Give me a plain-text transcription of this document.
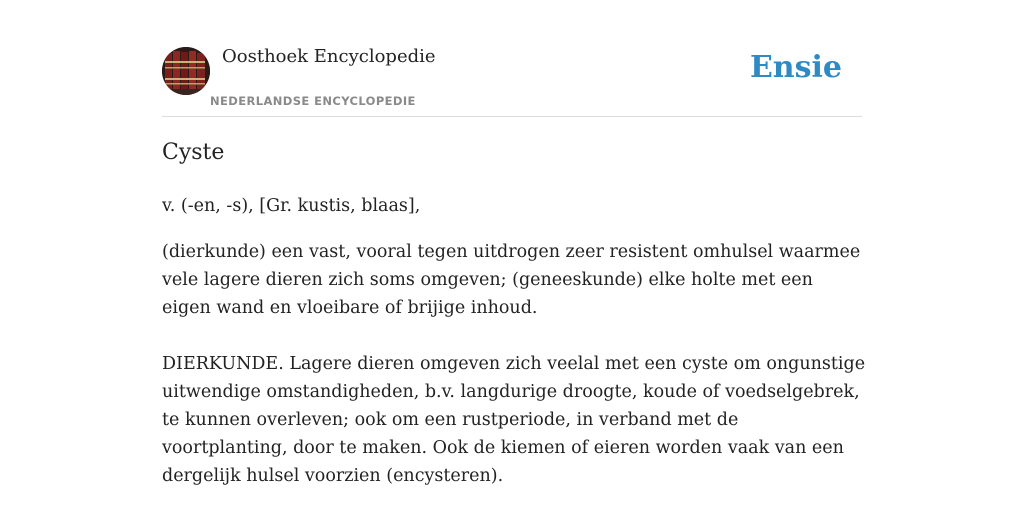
Oosthoek Encyclopedie
NEDERLANDSE ENCYCLOPEDIE
Ensie
Cyste

v. (-en, -s), [Gr. kustis, blaas],

(dierkunde) een vast, vooral tegen uitdrogen zeer resistent omhulsel waarmee vele lagere dieren zich soms omgeven; (geneeskunde) elke holte met een eigen wand en vloeibare of brijige inhoud.

DIERKUNDE. Lagere dieren omgeven zich veelal met een cyste om ongunstige uitwendige omstandigheden, b.v. langdurige droogte, koude of voedselgebrek, te kunnen overleven; ook om een rustperiode, in verband met de voortplanting, door te maken. Ook de kiemen of eieren worden vaak van een dergelijk hulsel voorzien (encysteren).
